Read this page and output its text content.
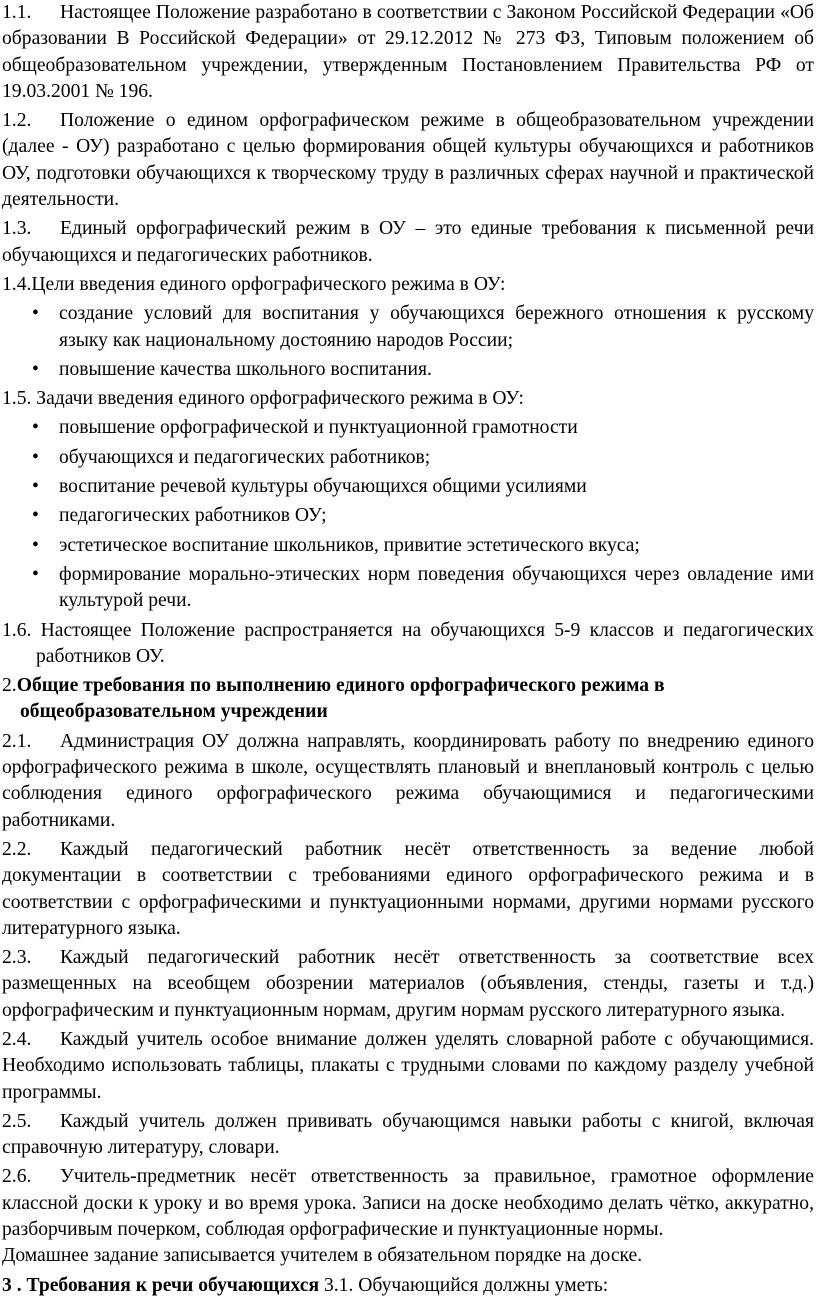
1.1. Настоящее Положение разработано в соответствии с Законом Российской Федерации «Об образовании В Российской Федерации» от 29.12.2012 № 273 ФЗ, Типовым положением об общеобразовательном учреждении, утвержденным Постановлением Правительства РФ от 19.03.2001 № 196.

1.2. Положение о едином орфографическом режиме в общеобразовательном учреждении (далее - ОУ) разработано с целью формирования общей культуры обучающихся и работников ОУ, подготовки обучающихся к творческому труду в различных сферах научной и практической деятельности.

1.3. Единый орфографический режим в ОУ – это единые требования к письменной речи обучающихся и педагогических работников.

1.4.Цели введения единого орфографического режима в ОУ:

• создание условий для воспитания у обучающихся бережного отношения к русскому языку как национальному достоянию народов России;

• повышение качества школьного воспитания.

1.5. Задачи введения единого орфографического режима в ОУ:

• повышение орфографической и пунктуационной грамотности

• обучающихся и педагогических работников;

• воспитание речевой культуры обучающихся общими усилиями

• педагогических работников ОУ;

• эстетическое воспитание школьников, привитие эстетического вкуса;

• формирование морально-этических норм поведения обучающихся через овладение ими культурой речи.

1.6. Настоящее Положение распространяется на обучающихся 5-9 классов и педагогических работников ОУ.

2.Общие требования по выполнению единого орфографического режима в общеобразовательном учреждении

2.1. Администрация ОУ должна направлять, координировать работу по внедрению единого орфографического режима в школе, осуществлять плановый и внеплановый контроль с целью соблюдения единого орфографического режима обучающимися и педагогическими работниками.

2.2. Каждый педагогический работник несёт ответственность за ведение любой документации в соответствии с требованиями единого орфографического режима и в соответствии с орфографическими и пунктуационными нормами, другими нормами русского литературного языка.

2.3. Каждый педагогический работник несёт ответственность за соответствие всех размещенных на всеобщем обозрении материалов (объявления, стенды, газеты и т.д.) орфографическим и пунктуационным нормам, другим нормам русского литературного языка.

2.4. Каждый учитель особое внимание должен уделять словарной работе с обучающимися. Необходимо использовать таблицы, плакаты с трудными словами по каждому разделу учебной программы.

2.5. Каждый учитель должен прививать обучающимся навыки работы с книгой, включая справочную литературу, словари.

2.6. Учитель-предметник несёт ответственность за правильное, грамотное оформление классной доски к уроку и во время урока. Записи на доске необходимо делать чётко, аккуратно, разборчивым почерком, соблюдая орфографические и пунктуационные нормы.

Домашнее задание записывается учителем в обязательном порядке на доске.

3 . Требования к речи обучающихся 3.1. Обучающийся должны уметь:
